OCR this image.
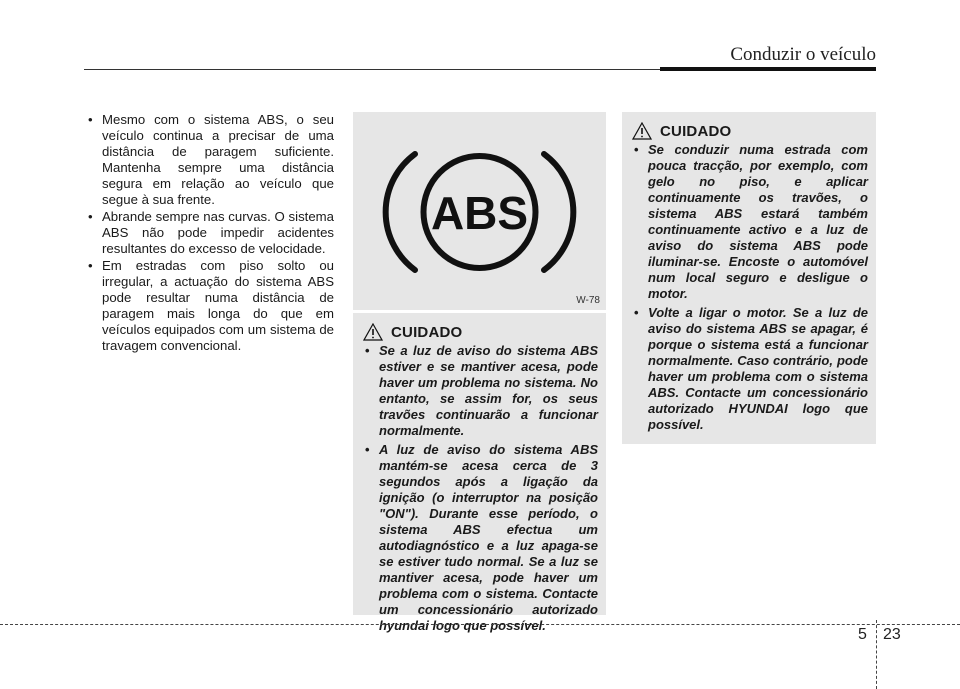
Conduzir o veículo
• Mesmo com o sistema ABS, o seu veículo continua a precisar de uma distância de paragem suficiente. Mantenha sempre uma distância segura em relação ao veículo que segue à sua frente.
• Abrande sempre nas curvas. O sistema ABS não pode impedir acidentes resultantes do excesso de velocidade.
• Em estradas com piso solto ou irregular, a actuação do sistema ABS pode resultar numa distância de paragem mais longa do que em veículos equipados com um sistema de travagem convencional.
ABS
W-78
CUIDADO
• Se a luz de aviso do sistema ABS estiver e se mantiver acesa, pode haver um problema no sistema. No entanto, se assim for, os seus travões continuarão a funcionar normalmente.
• A luz de aviso do sistema ABS mantém-se acesa cerca de 3 segundos após a ligação da ignição (o interruptor na posição "ON"). Durante esse período, o sistema ABS efectua um autodiagnóstico e a luz apaga-se se estiver tudo normal. Se a luz se mantiver acesa, pode haver um problema com o sistema. Contacte um concessionário autorizado hyundai logo que possível.
CUIDADO
• Se conduzir numa estrada com pouca tracção, por exemplo, com gelo no piso, e aplicar continuamente os travões, o sistema ABS estará também continuamente activo e a luz de aviso do sistema ABS pode iluminar-se. Encoste o automóvel num local seguro e desligue o motor.
• Volte a ligar o motor. Se a luz de aviso do sistema ABS se apagar, é porque o sistema está a funcionar normalmente. Caso contrário, pode haver um problema com o sistema ABS. Contacte um concessionário autorizado HYUNDAI logo que possível.
5 23
